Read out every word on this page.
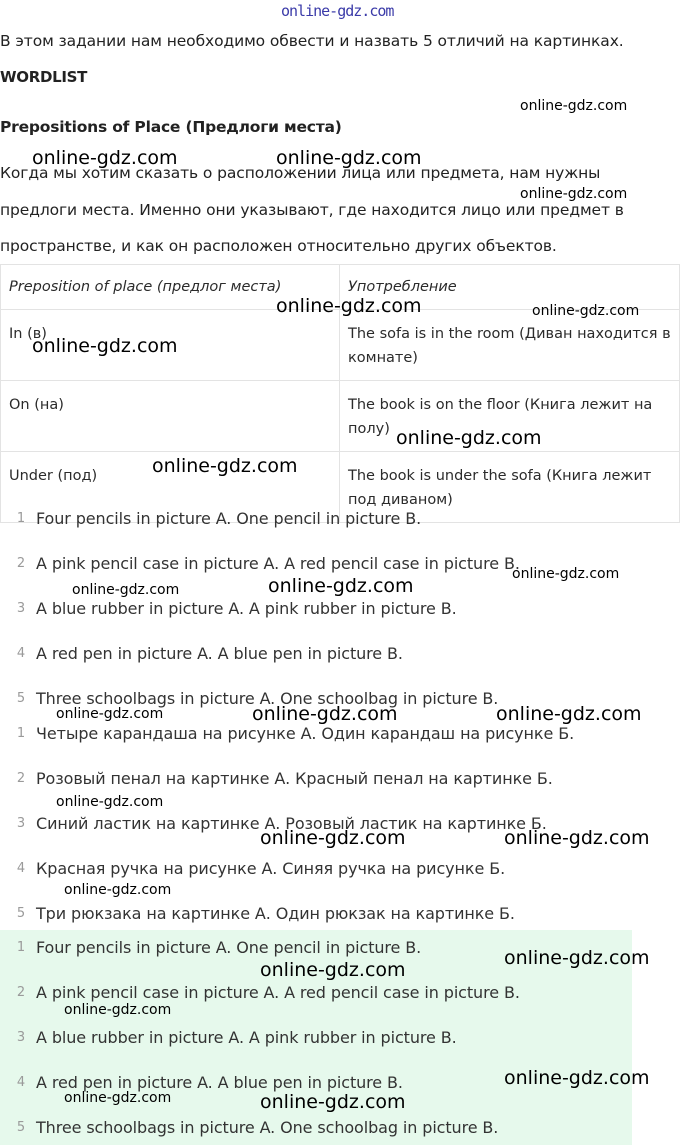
online-gdz.com
В этом задании нам необходимо обвести и назвать 5 отличий на картинках.
WORDLIST
Prepositions of Place (Предлоги места)
Когда мы хотим сказать о расположении лица или предмета, нам нужны
предлоги места. Именно они указывают, где находится лицо или предмет в
пространстве, и как он расположен относительно других объектов.
Preposition of place (предлог места)	Употребление
In (в)	The sofa is in the room (Диван находится в
комнате)
On (на)	The book is on the floor (Книга лежит на
полу)
Under (под)	The book is under the sofa (Книга лежит
под диваном)
1 Four pencils in picture A. One pencil in picture B.
2 A pink pencil case in picture A. A red pencil case in picture B.
3 A blue rubber in picture A. A pink rubber in picture B.
4 A red pen in picture A. A blue pen in picture B.
5 Three schoolbags in picture A. One schoolbag in picture B.
1 Четыре карандаша на рисунке А. Один карандаш на рисунке Б.
2 Розовый пенал на картинке А. Красный пенал на картинке Б.
3 Синий ластик на картинке А. Розовый ластик на картинке Б.
4 Красная ручка на рисунке А. Синяя ручка на рисунке Б.
5 Три рюкзака на картинке А. Один рюкзак на картинке Б.
1 Four pencils in picture A. One pencil in picture B.
2 A pink pencil case in picture A. A red pencil case in picture B.
3 A blue rubber in picture A. A pink rubber in picture B.
4 A red pen in picture A. A blue pen in picture B.
5 Three schoolbags in picture A. One schoolbag in picture B.
online-gdz.com
online-gdz.com	online-gdz.com
online-gdz.com
online-gdz.com	online-gdz.com
online-gdz.com
online-gdz.com
online-gdz.com
online-gdz.com
online-gdz.com
online-gdz.com
online-gdz.com	online-gdz.com	online-gdz.com
online-gdz.com
online-gdz.com	online-gdz.com
online-gdz.com
online-gdz.com
online-gdz.com
online-gdz.com
online-gdz.com
online-gdz.com	online-gdz.com
